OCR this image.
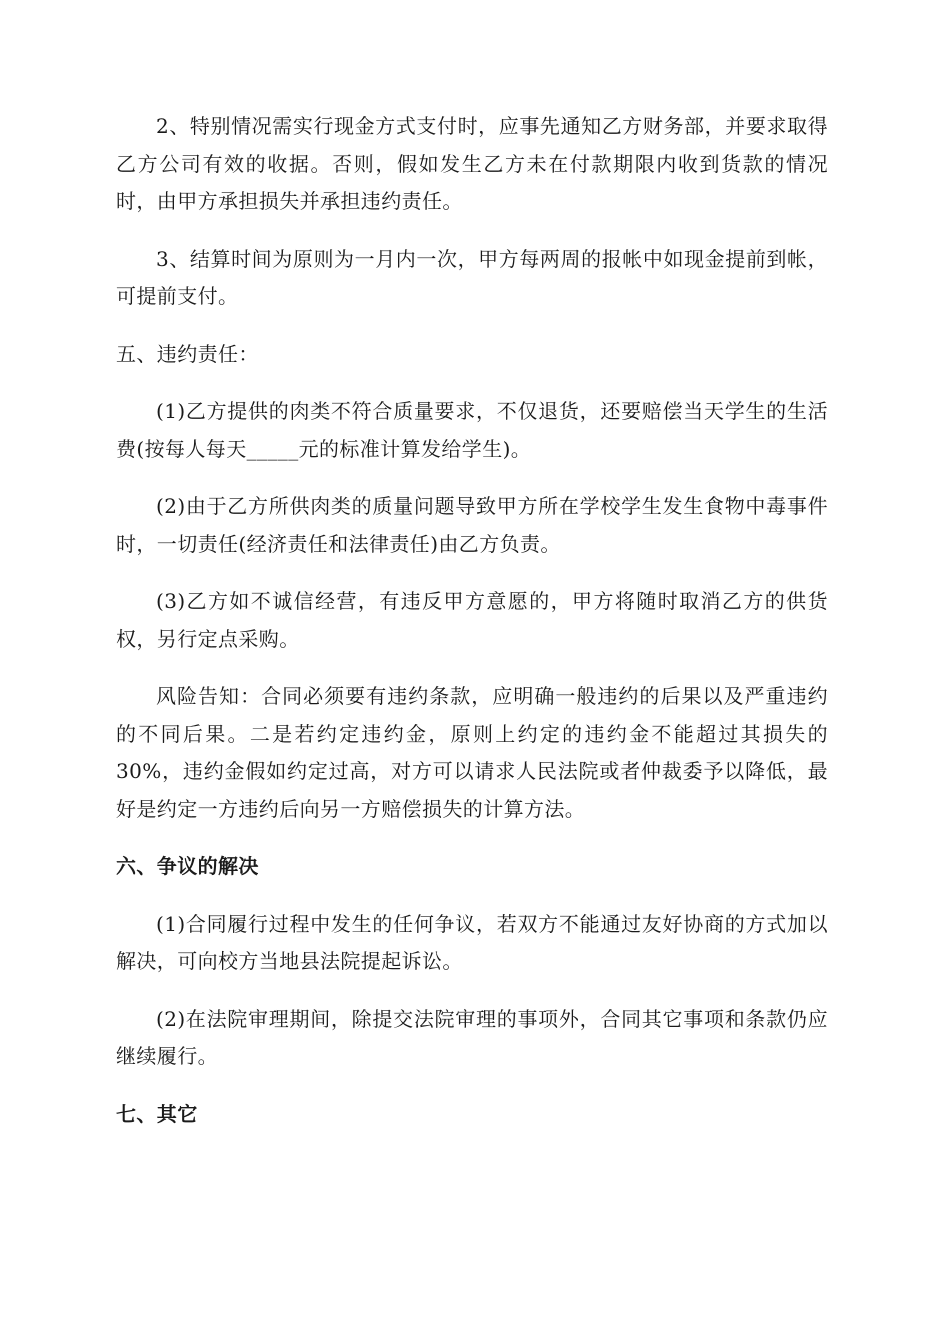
2、特别情况需实行现金方式支付时，应事先通知乙方财务部，并要求取得乙方公司有效的收据。否则，假如发生乙方未在付款期限内收到货款的情况时，由甲方承担损失并承担违约责任。

3、结算时间为原则为一月内一次，甲方每两周的报帐中如现金提前到帐，可提前支付。

五、违约责任：

(1)乙方提供的肉类不符合质量要求，不仅退货，还要赔偿当天学生的生活费(按每人每天_____元的标准计算发给学生)。

(2)由于乙方所供肉类的质量问题导致甲方所在学校学生发生食物中毒事件时，一切责任(经济责任和法律责任)由乙方负责。

(3)乙方如不诚信经营，有违反甲方意愿的，甲方将随时取消乙方的供货权，另行定点采购。

风险告知：合同必须要有违约条款，应明确一般违约的后果以及严重违约的不同后果。二是若约定违约金，原则上约定的违约金不能超过其损失的30%，违约金假如约定过高，对方可以请求人民法院或者仲裁委予以降低，最好是约定一方违约后向另一方赔偿损失的计算方法。

六、争议的解决

(1)合同履行过程中发生的任何争议，若双方不能通过友好协商的方式加以解决，可向校方当地县法院提起诉讼。

(2)在法院审理期间，除提交法院审理的事项外，合同其它事项和条款仍应继续履行。

七、其它
